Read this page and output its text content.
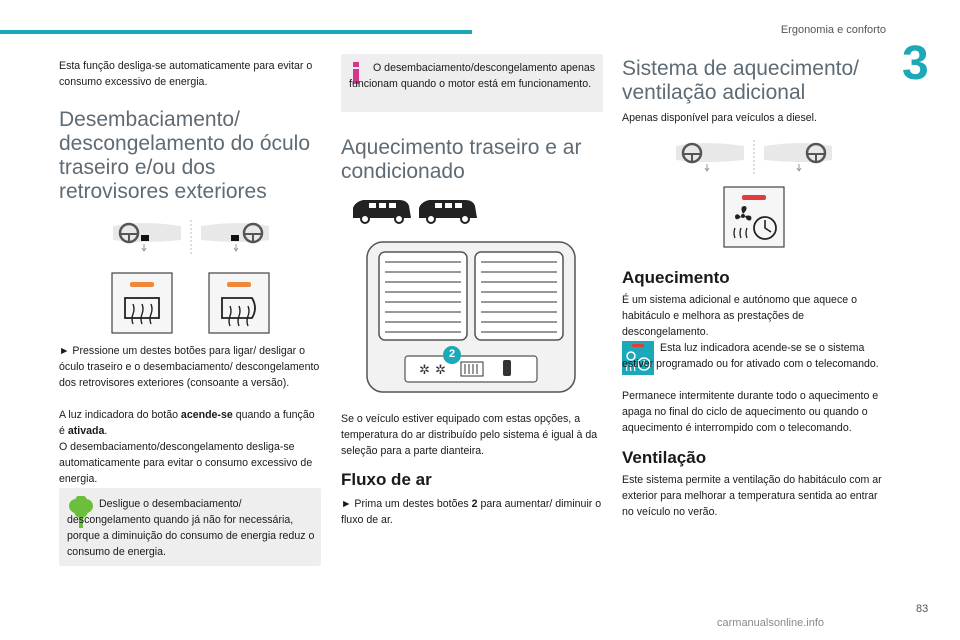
Ergonomia e conforto
3
Esta função desliga-se automaticamente para evitar o consumo excessivo de energia.
Desembaciamento/ descongelamento do óculo traseiro e/ou dos retrovisores exteriores
► Pressione um destes botões para ligar/ desligar o óculo traseiro e o desembaciamento/ descongelamento dos retrovisores exteriores (consoante a versão).
A luz indicadora do botão acende-se quando a função é ativada.
O desembaciamento/descongelamento desliga-se automaticamente para evitar o consumo excessivo de energia.
Desligue o desembaciamento/ descongelamento quando já não for necessária, porque a diminuição do consumo de energia reduz o consumo de energia.
O desembaciamento/descongelamento apenas funcionam quando o motor está em funcionamento.
Aquecimento traseiro e ar condicionado
✲ ✲
2
Se o veículo estiver equipado com estas opções, a temperatura do ar distribuído pelo sistema é igual à da seleção para a parte dianteira.
Fluxo de ar
► Prima um destes botões 2 para aumentar/ diminuir o fluxo de ar.
Sistema de aquecimento/ ventilação adicional
Apenas disponível para veículos a diesel.
Aquecimento
É um sistema adicional e autónomo que aquece o habitáculo e melhora as prestações de descongelamento.
Esta luz indicadora acende-se se o sistema estiver programado ou for ativado com o telecomando.
Permanece intermitente durante todo o aquecimento e apaga no final do ciclo de aquecimento ou quando o aquecimento é interrompido com o telecomando.
Ventilação
Este sistema permite a ventilação do habitáculo com ar exterior para melhorar a temperatura sentida ao entrar no veículo no verão.
83
carmanualsonline.info
